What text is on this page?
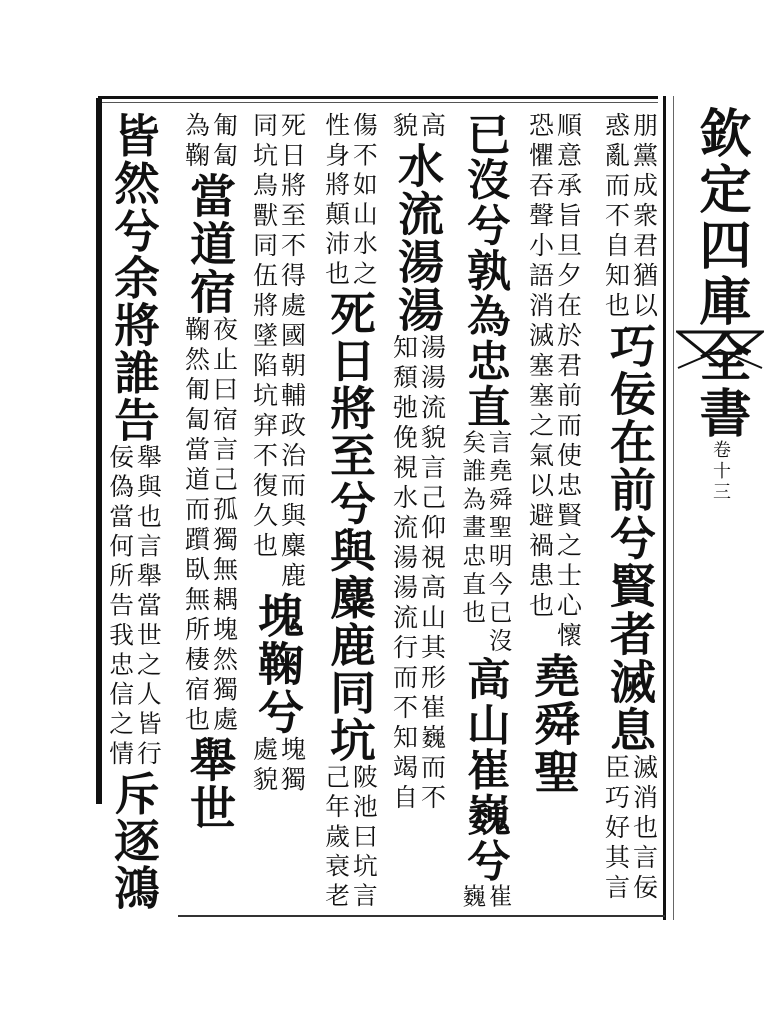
欽定四庫全書
卷十三
朋黨成衆君猶以
惑亂而不自知也
巧佞在前兮賢者滅息
滅消也言佞
臣巧好其言
順意承旨旦夕在於君前而使忠賢之士心懷
恐懼吞聲小語消滅塞塞之氣以避禍患也
堯舜聖
已沒兮孰為忠直
言堯舜聖明今已沒
矣誰為畫忠直也
高山崔巍兮
崔
巍
高
貌
水流湯湯
湯湯流貌言己仰視高山其形崔巍而不
知頹弛俛視水流湯湯流行而不知竭自
傷不如山水之
性身將顛沛也
死日將至兮與麋鹿同坑
陂池曰坑言
己年歲衰老
死日將至不得處國朝輔政治而與麋鹿
同坑鳥獸同伍將墜陷坑穽不復久也
塊鞠兮
塊獨
處貌
匍匐
為鞠
當道宿
夜止曰宿言己孤獨無耦塊然獨處
鞠然匍匐當道而躓臥無所棲宿也
舉世
皆然兮余將誰告
舉與也言舉當世之人皆行
佞偽當何所告我忠信之情
斥逐鴻
